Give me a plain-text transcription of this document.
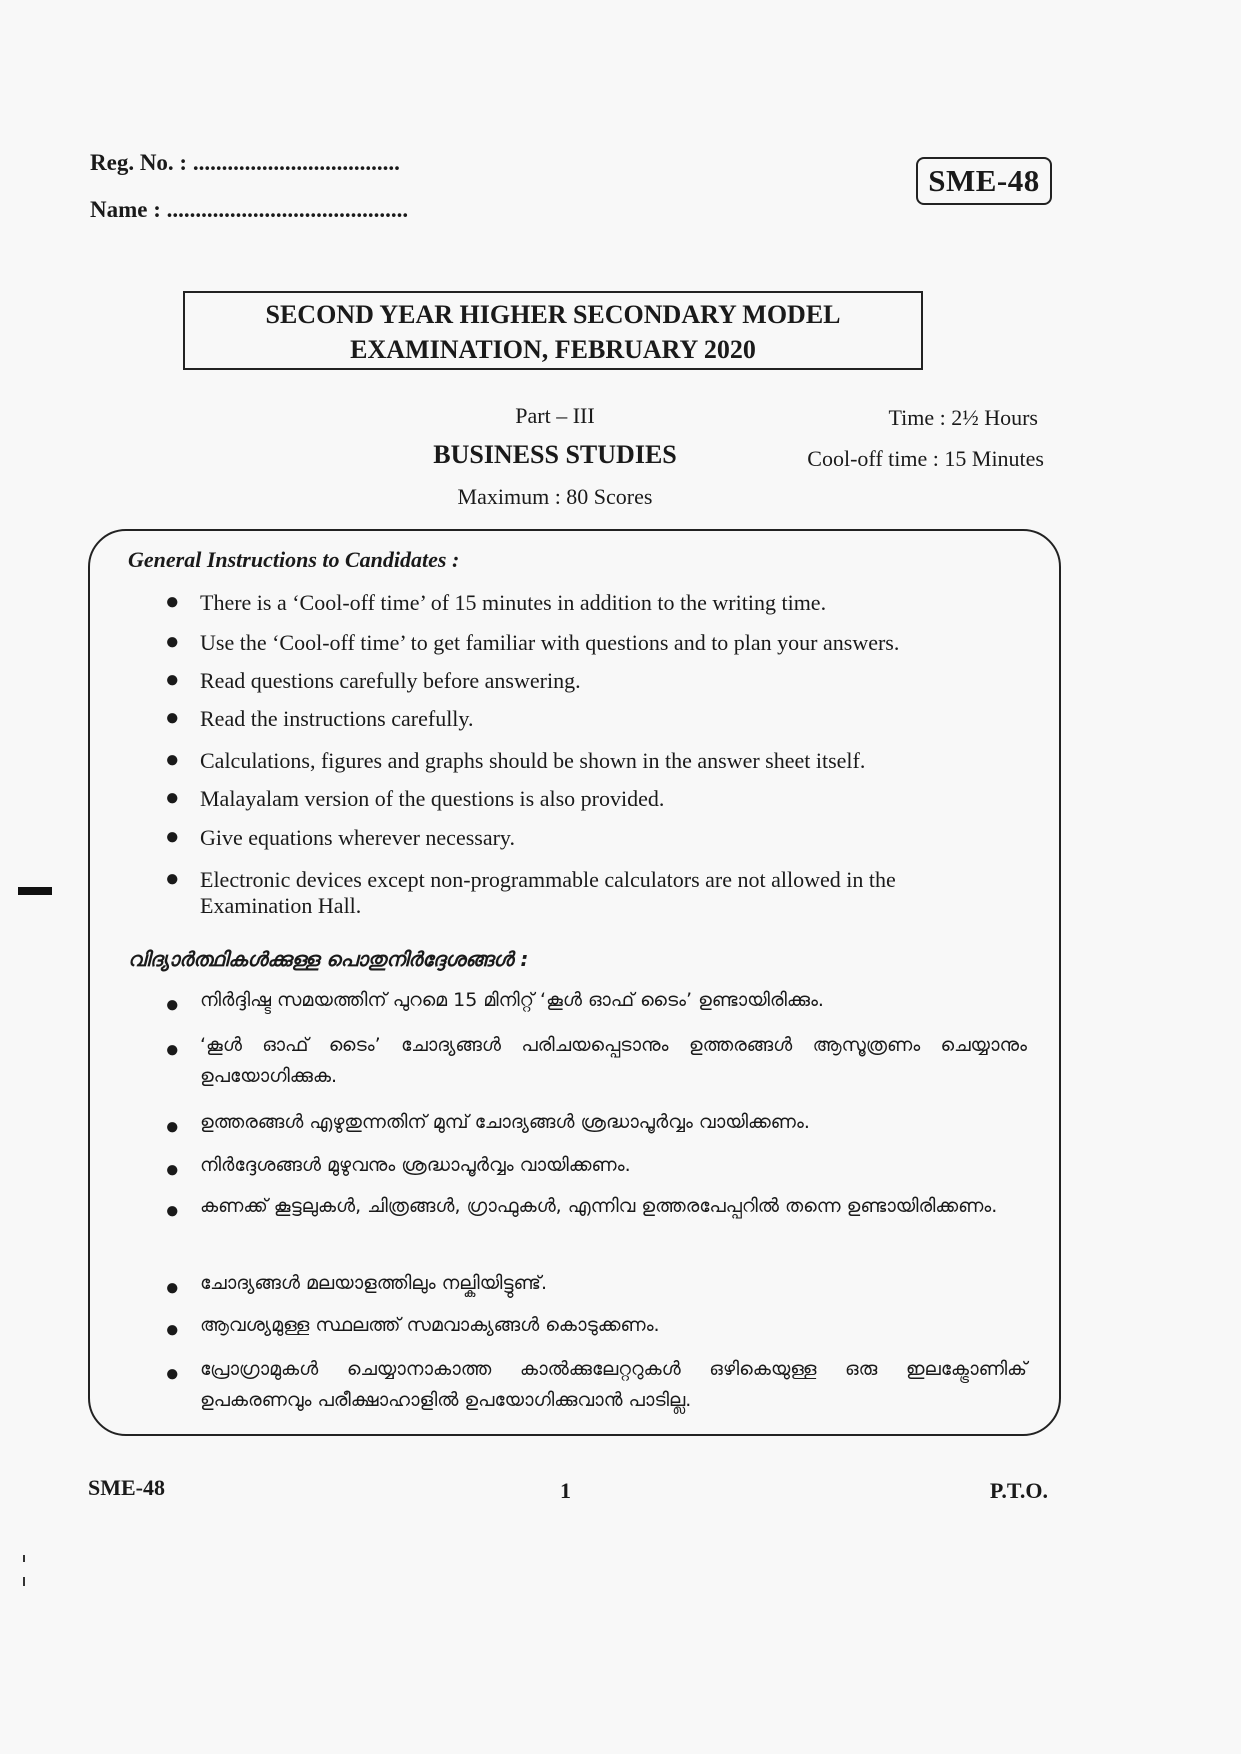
Reg. No. : ....................................
Name : ..........................................
SME-48
SECOND YEAR HIGHER SECONDARY MODEL
EXAMINATION, FEBRUARY 2020
Part – III
BUSINESS STUDIES
Maximum : 80 Scores
Time : 2½ Hours
Cool-off time : 15 Minutes
General Instructions to Candidates :
● There is a ‘Cool-off time’ of 15 minutes in addition to the writing time.
● Use the ‘Cool-off time’ to get familiar with questions and to plan your answers.
● Read questions carefully before answering.
● Read the instructions carefully.
● Calculations, figures and graphs should be shown in the answer sheet itself.
● Malayalam version of the questions is also provided.
● Give equations wherever necessary.
● Electronic devices except non-programmable calculators are not allowed in the Examination Hall.
വിദ്യാർത്ഥികൾക്കുള്ള പൊതുനിർദ്ദേശങ്ങൾ :
● നിർദ്ദിഷ്ട സമയത്തിന് പുറമെ 15 മിനിറ്റ് ‘കൂൾ ഓഫ് ടൈം’ ഉണ്ടായിരിക്കും.
● ‘കൂൾ ഓഫ് ടൈം’ ചോദ്യങ്ങൾ പരിചയപ്പെടാനും ഉത്തരങ്ങൾ ആസൂത്രണം ചെയ്യാനും ഉപയോഗിക്കുക.
● ഉത്തരങ്ങൾ എഴുതുന്നതിന് മുമ്പ് ചോദ്യങ്ങൾ ശ്രദ്ധാപൂർവ്വം വായിക്കണം.
● നിർദ്ദേശങ്ങൾ മുഴുവനും ശ്രദ്ധാപൂർവ്വം വായിക്കണം.
● കണക്ക് കൂട്ടലുകൾ, ചിത്രങ്ങൾ, ഗ്രാഫുകൾ, എന്നിവ ഉത്തരപേപ്പറിൽ തന്നെ ഉണ്ടായിരിക്കണം.
● ചോദ്യങ്ങൾ മലയാളത്തിലും നല്കിയിട്ടുണ്ട്.
● ആവശ്യമുള്ള സ്ഥലത്ത് സമവാക്യങ്ങൾ കൊടുക്കണം.
● പ്രോഗ്രാമുകൾ ചെയ്യാനാകാത്ത കാൽക്കുലേറ്ററുകൾ ഒഴികെയുള്ള ഒരു ഇലക്ട്രോണിക് ഉപകരണവും പരീക്ഷാഹാളിൽ ഉപയോഗിക്കുവാൻ പാടില്ല.
SME-48	1	P.T.O.
